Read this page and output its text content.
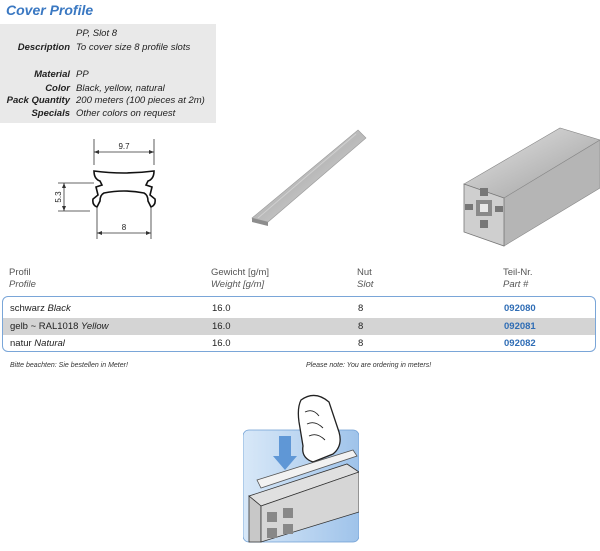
Cover Profile
PP, Slot 8
Description To cover size 8 profile slots
Material PP
Color Black, yellow, natural
Pack Quantity 200 meters (100 pieces at 2m)
Specials Other colors on request
9.7
5.3
8
Profil
Profile
Gewicht [g/m]
Weight [g/m]
Nut
Slot
Teil-Nr.
Part #
schwarz Black	16.0	8	092080
gelb ~ RAL1018 Yellow	16.0	8	092081
natur Natural	16.0	8	092082
Bitte beachten: Sie bestellen in Meter!	Please note: You are ordering in meters!
